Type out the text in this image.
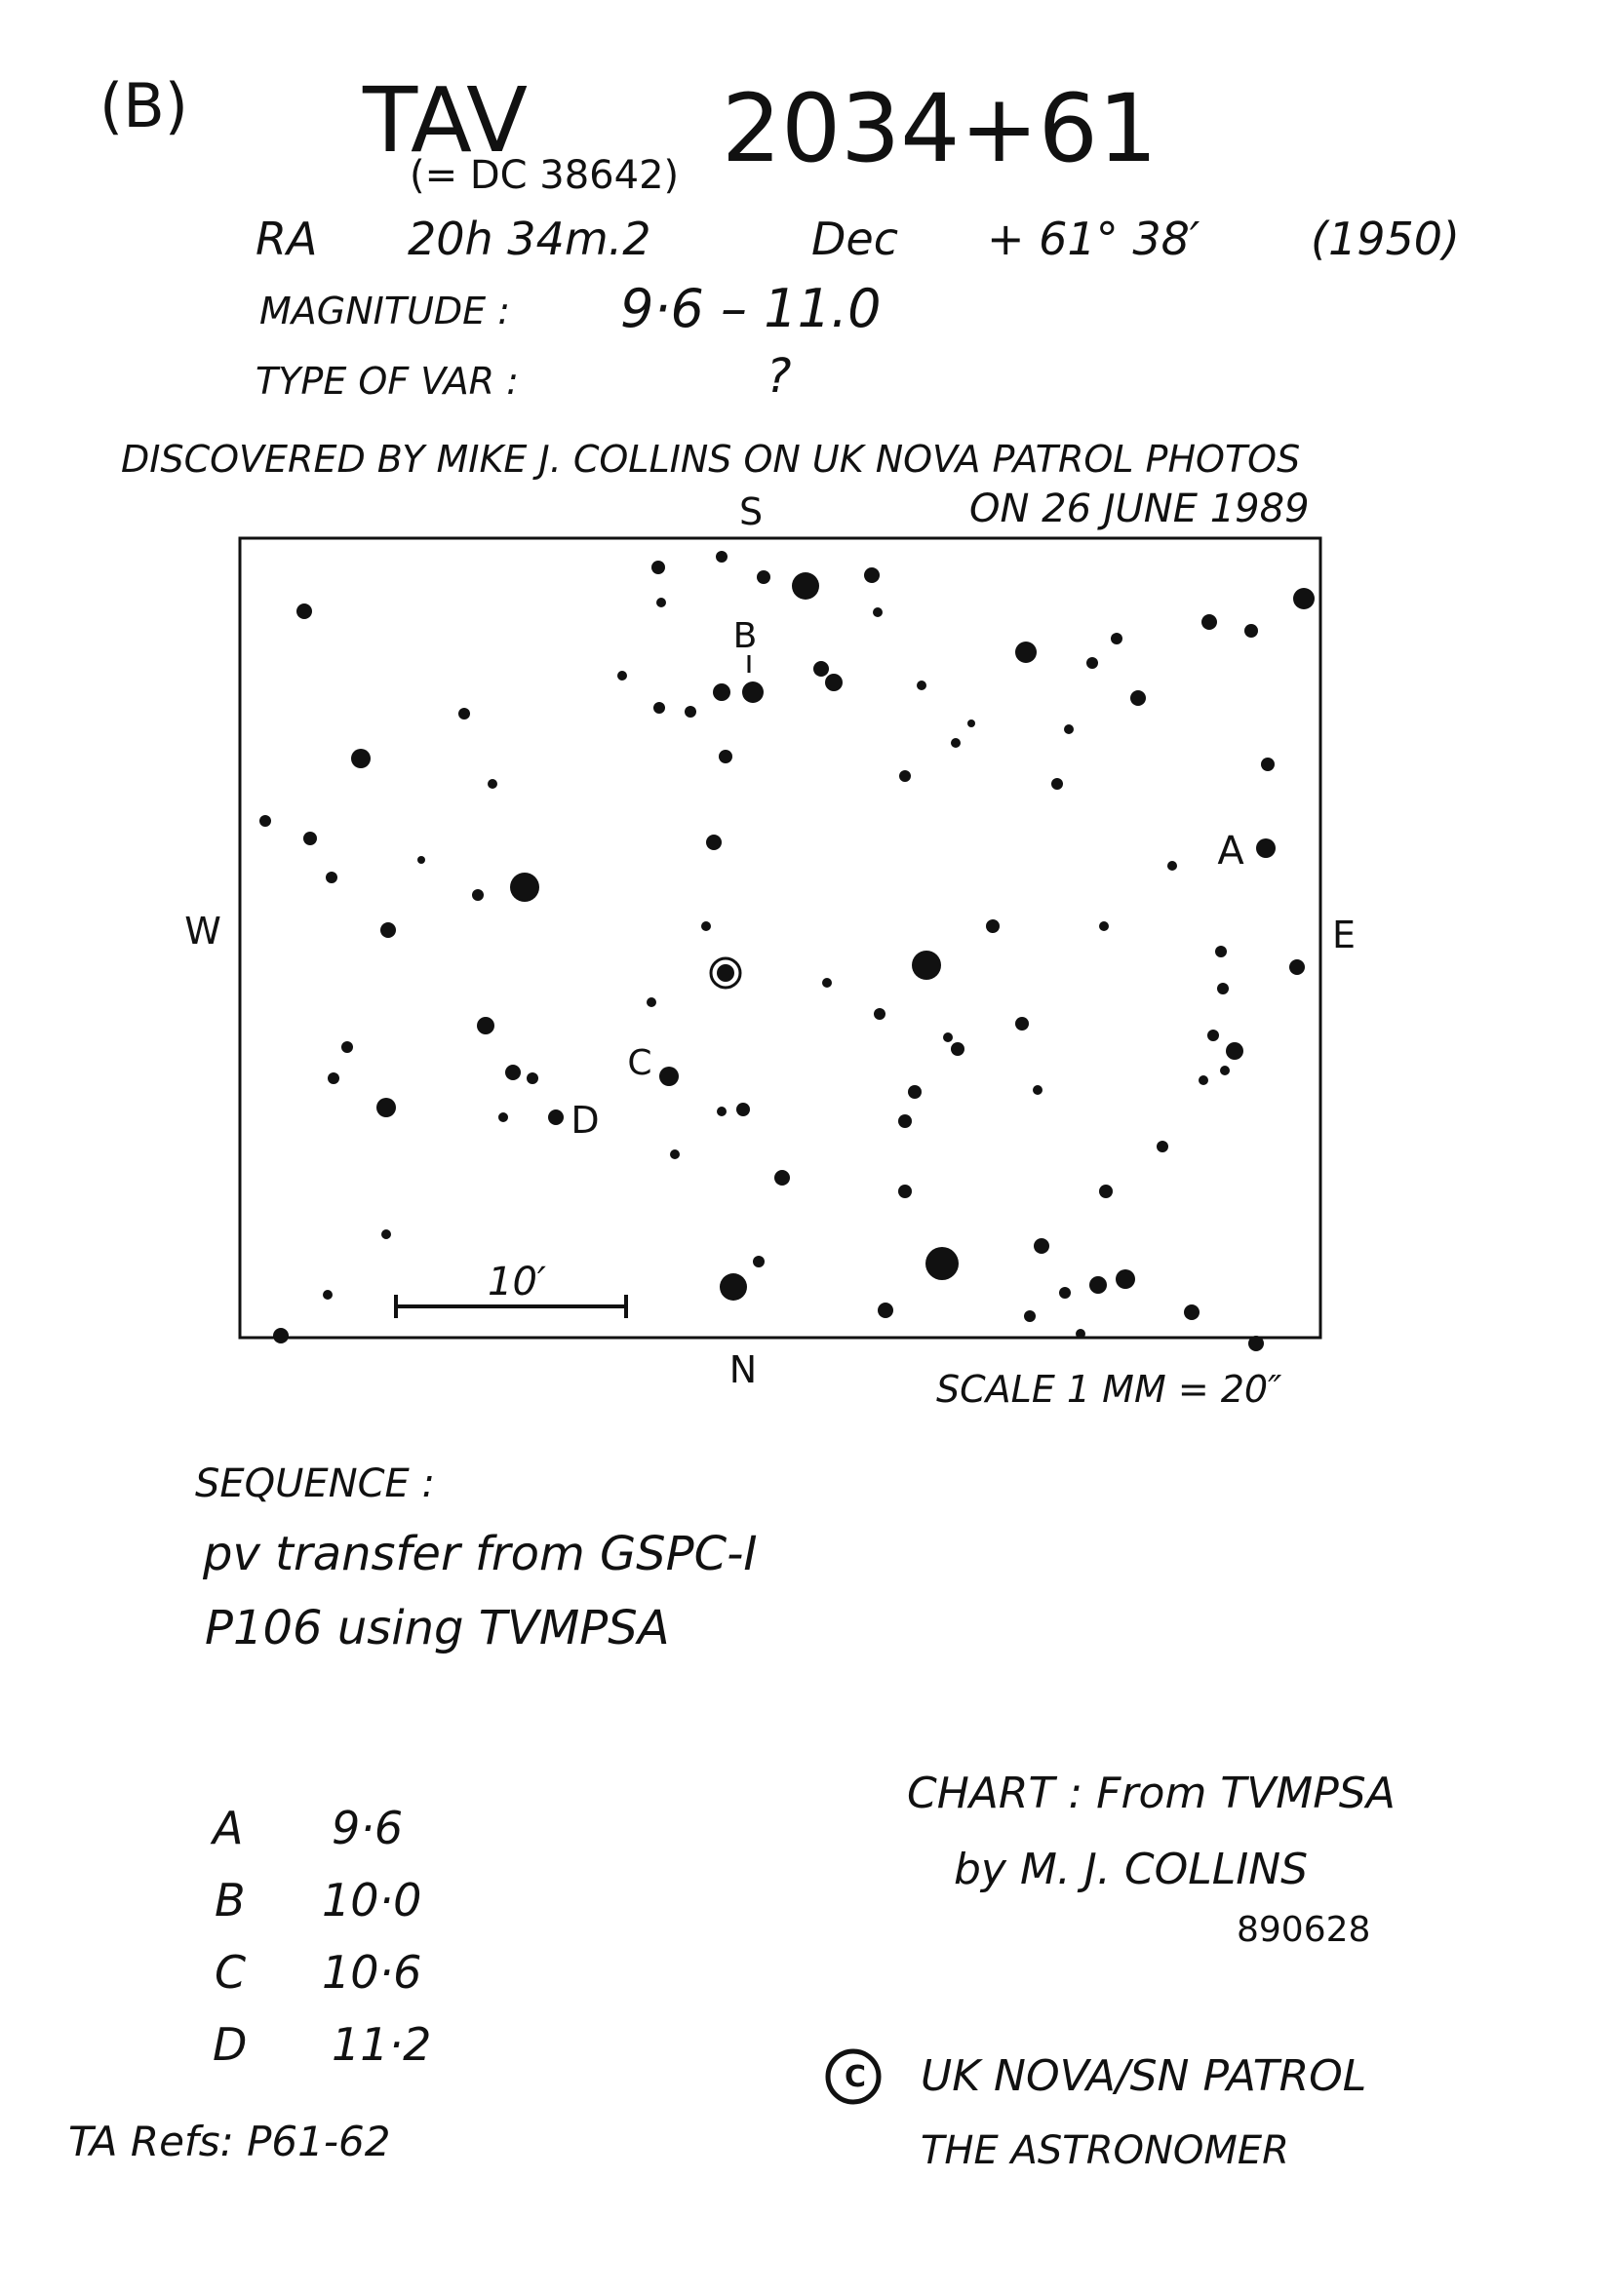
(B) TAV 2034+61
(= DC 38642)
RA 20h 34m.2	Dec + 61° 38′ (1950)
MAGNITUDE : 9·6 – 11.0
TYPE OF VAR :	?
DISCOVERED BY MIKE J. COLLINS ON UK NOVA PATROL PHOTOS
ON 26 JUNE 1989
S
N
W	E
10′
A
B
C
D
SCALE 1 MM = 20″
SEQUENCE :
pv transfer from GSPC-I
P106 using TVMPSA
A 9·6
B 10·0
C 10·6
D 11·2
CHART : From TVMPSA
by M. J. COLLINS
890628
C UK NOVA/SN PATROL
THE ASTRONOMER
TA Refs: P61-62
